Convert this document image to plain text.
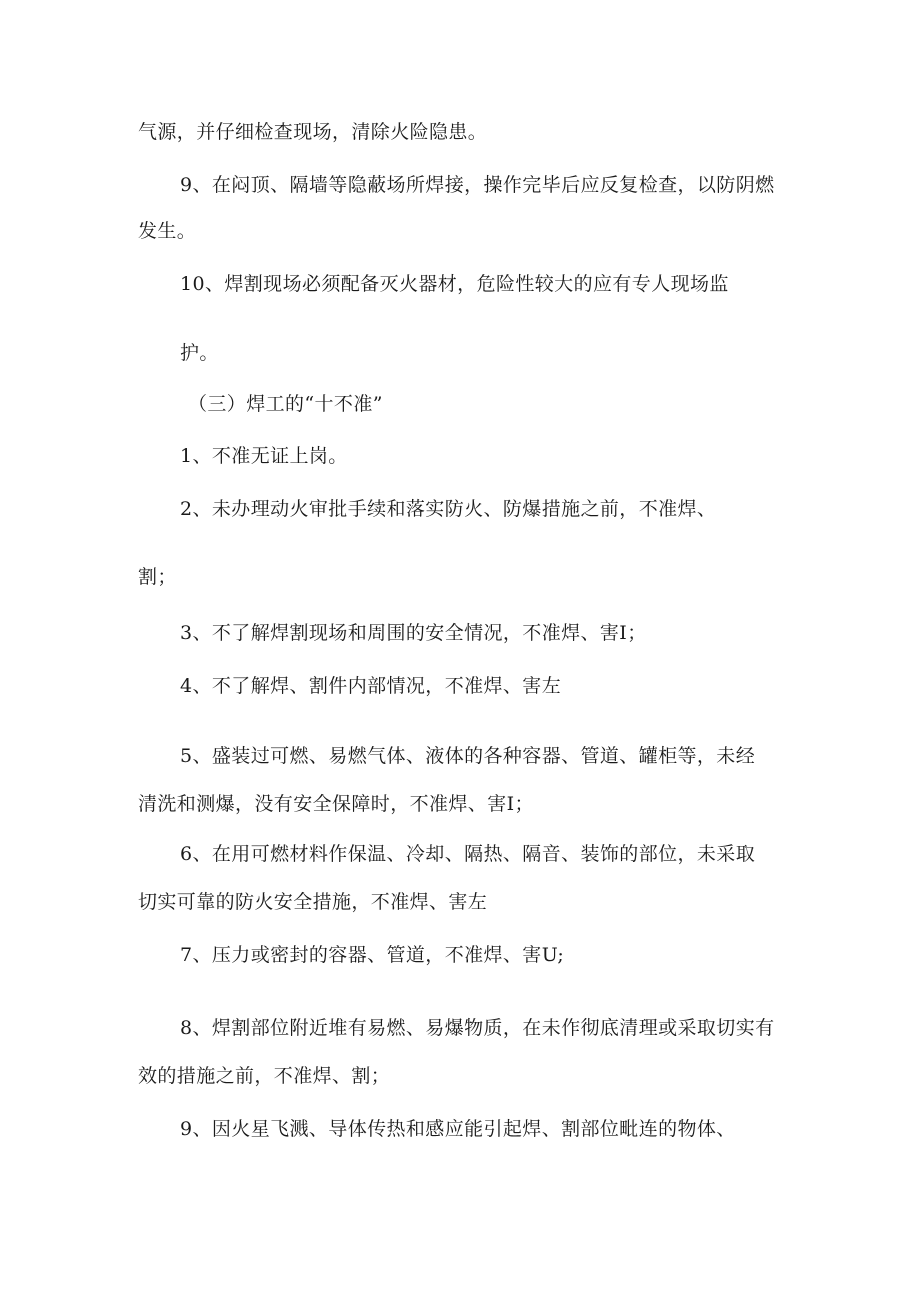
气源，并仔细检查现场，清除火险隐患。
9、在闷顶、隔墙等隐蔽场所焊接，操作完毕后应反复检查，以防阴燃
发生。
10、焊割现场必须配备灭火器材，危险性较大的应有专人现场监
护。
（三）焊工的“十不准”
1、不准无证上岗。
2、未办理动火审批手续和落实防火、防爆措施之前，不准焊、
割；
3、不了解焊割现场和周围的安全情况，不准焊、害I；
4、不了解焊、割件内部情况，不准焊、害左
5、盛装过可燃、易燃气体、液体的各种容器、管道、罐柜等，未经
清洗和测爆，没有安全保障时，不准焊、害I；
6、在用可燃材料作保温、冷却、隔热、隔音、装饰的部位，未采取
切实可靠的防火安全措施，不准焊、害左
7、压力或密封的容器、管道，不准焊、害U;
8、焊割部位附近堆有易燃、易爆物质，在未作彻底清理或采取切实有
效的措施之前，不准焊、割；
9、因火星飞溅、导体传热和感应能引起焊、割部位毗连的物体、
